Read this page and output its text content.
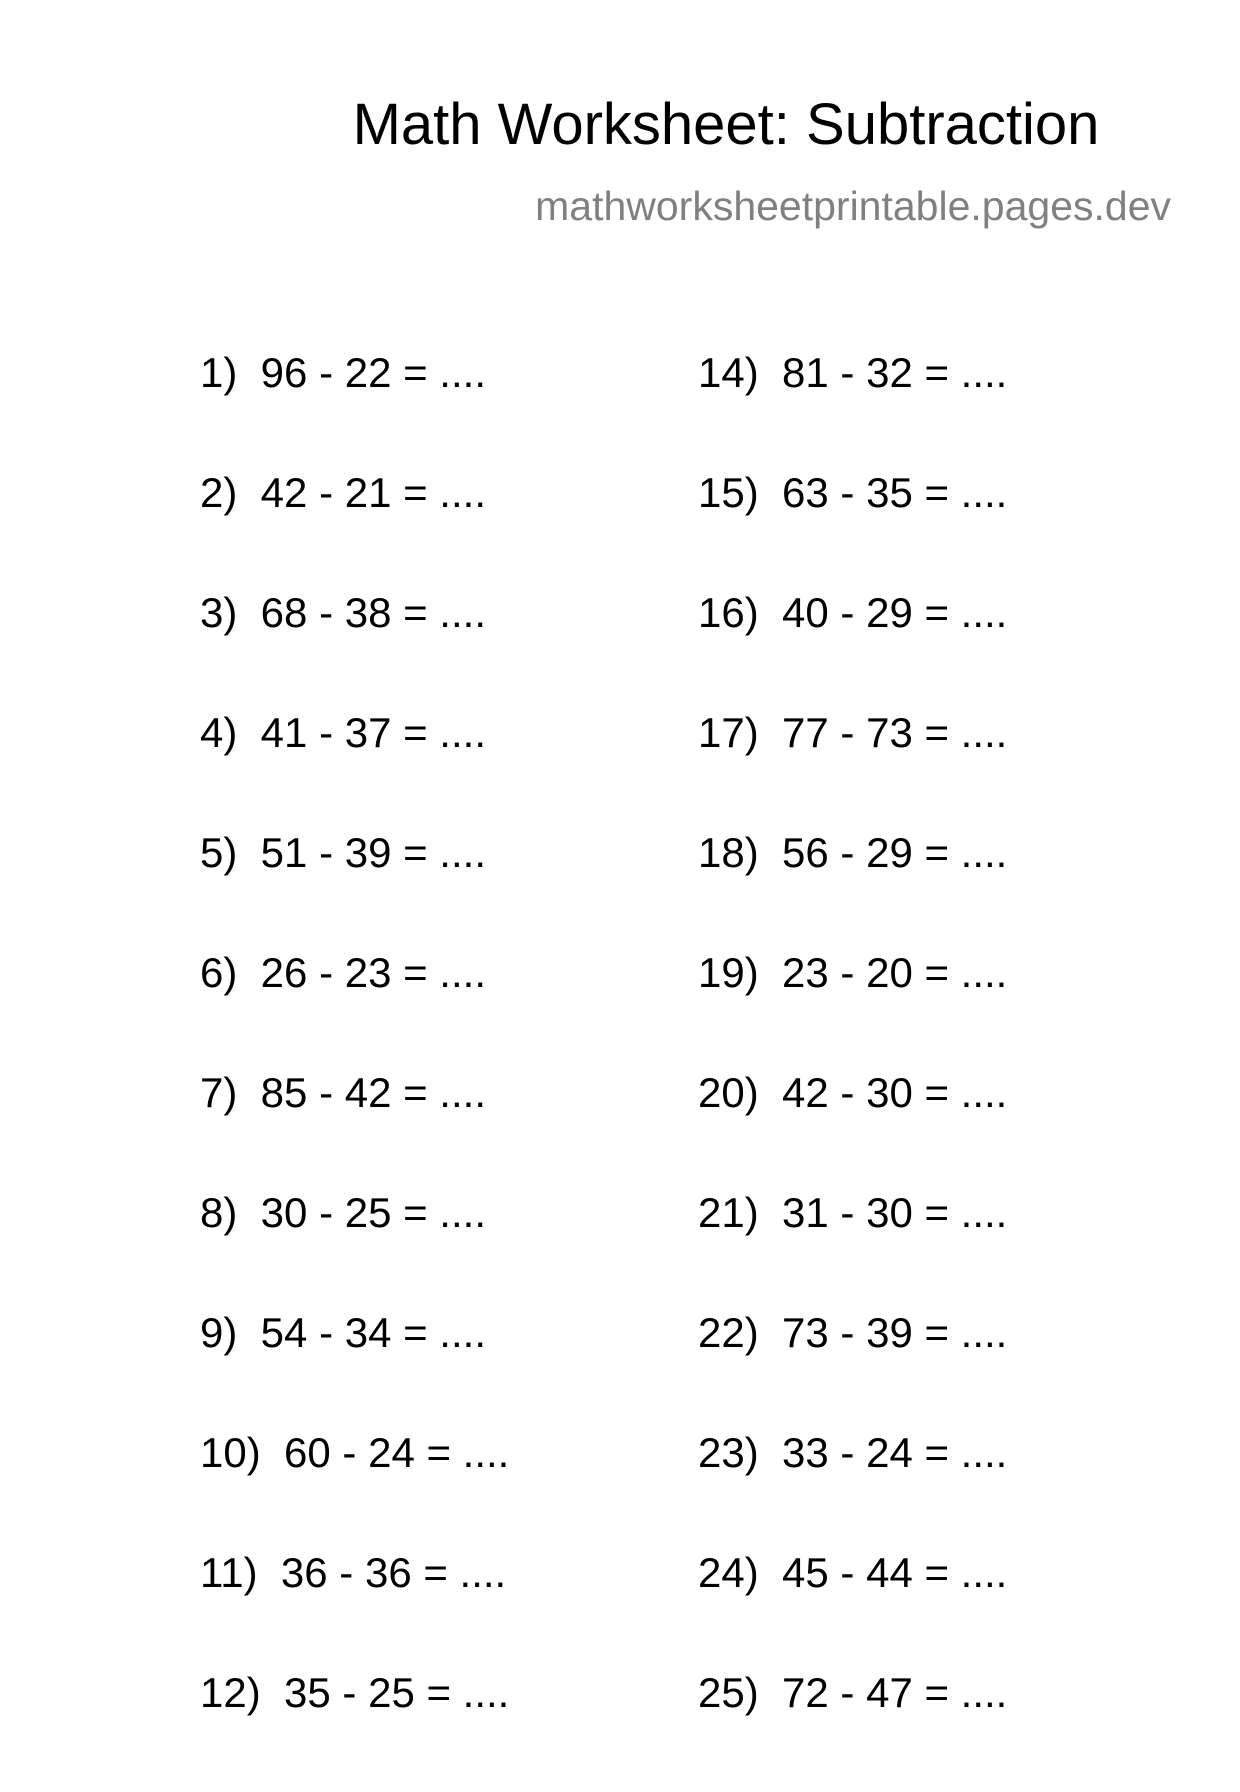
Math Worksheet: Subtraction
mathworksheetprintable.pages.dev
1)  96 - 22 = ....
2)  42 - 21 = ....
3)  68 - 38 = ....
4)  41 - 37 = ....
5)  51 - 39 = ....
6)  26 - 23 = ....
7)  85 - 42 = ....
8)  30 - 25 = ....
9)  54 - 34 = ....
10)  60 - 24 = ....
11)  36 - 36 = ....
12)  35 - 25 = ....
14)  81 - 32 = ....
15)  63 - 35 = ....
16)  40 - 29 = ....
17)  77 - 73 = ....
18)  56 - 29 = ....
19)  23 - 20 = ....
20)  42 - 30 = ....
21)  31 - 30 = ....
22)  73 - 39 = ....
23)  33 - 24 = ....
24)  45 - 44 = ....
25)  72 - 47 = ....
